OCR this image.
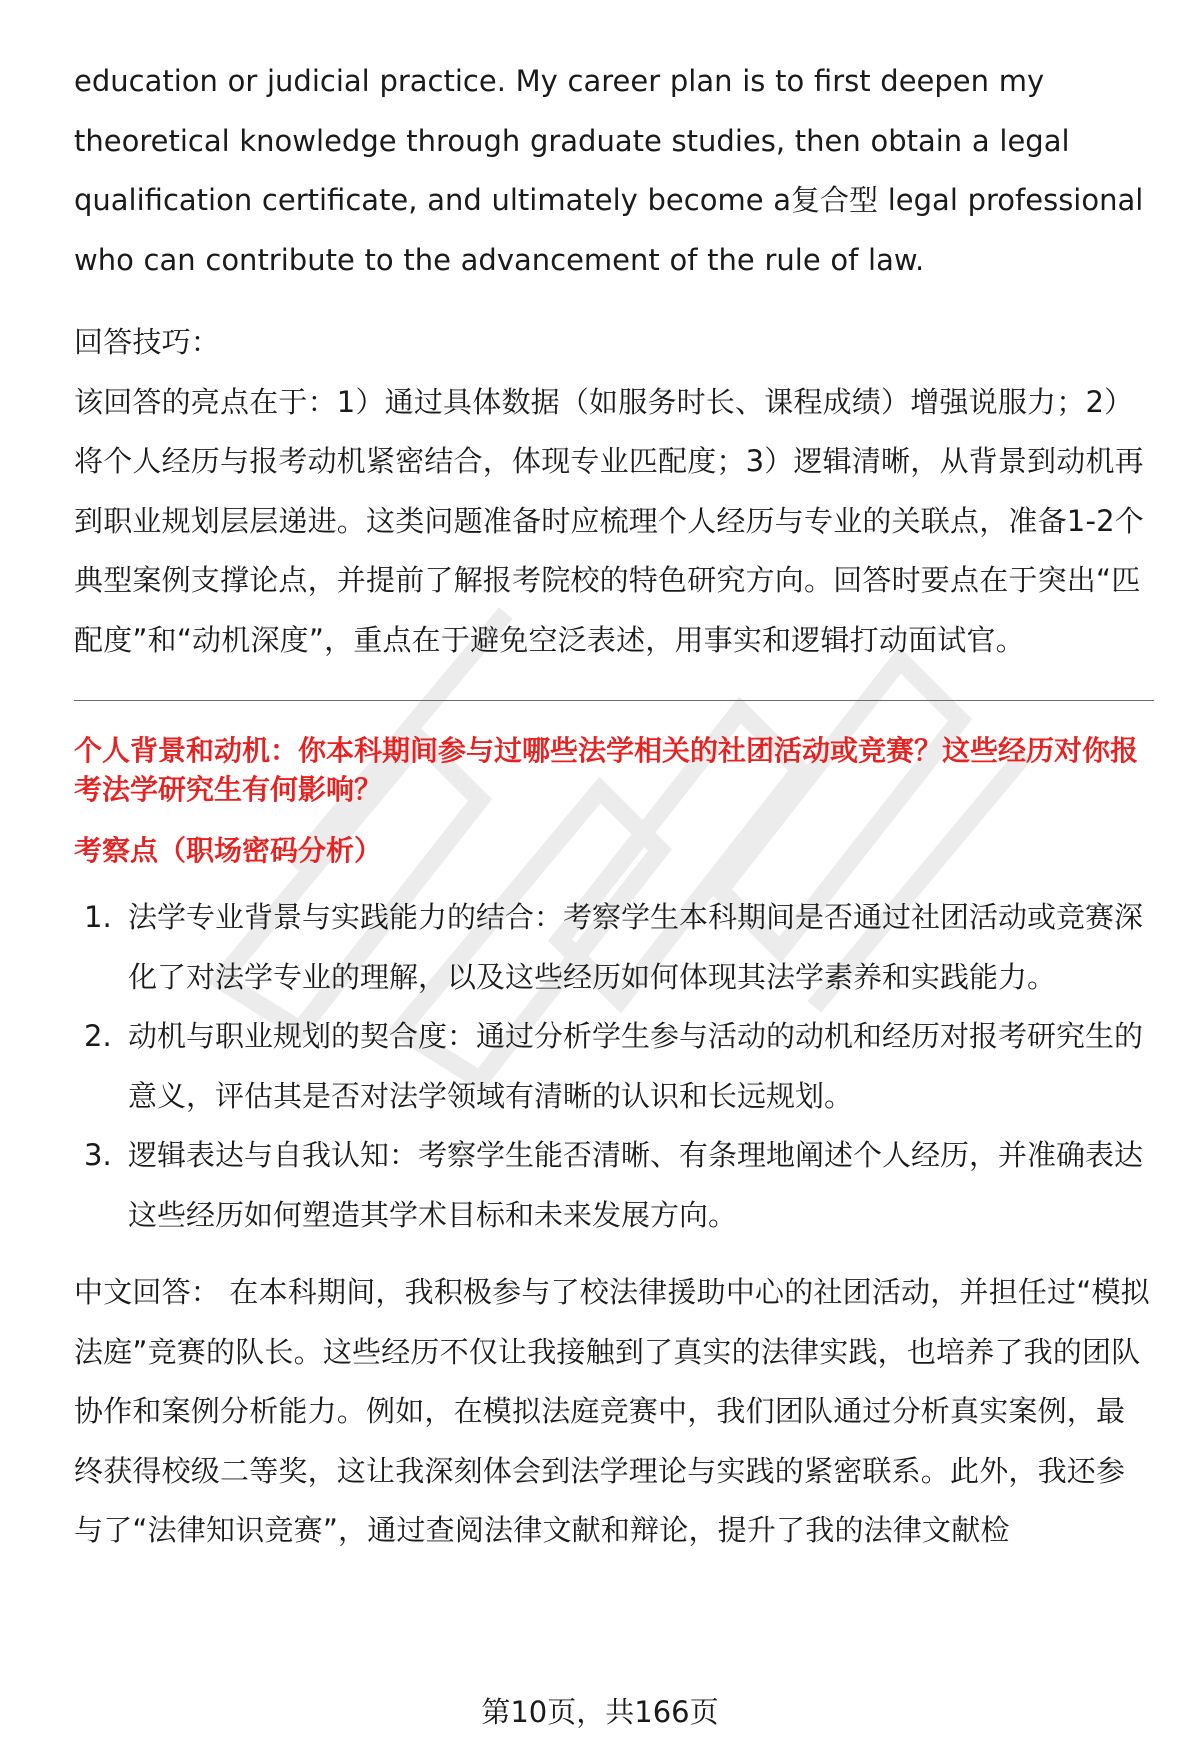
education or judicial practice. My career plan is to first deepen my theoretical knowledge through graduate studies, then obtain a legal qualification certificate, and ultimately become a复合型 legal professional who can contribute to the advancement of the rule of law.

回答技巧：

该回答的亮点在于：1）通过具体数据（如服务时长、课程成绩）增强说服力；2）将个人经历与报考动机紧密结合，体现专业匹配度；3）逻辑清晰，从背景到动机再到职业规划层层递进。这类问题准备时应梳理个人经历与专业的关联点，准备1-2个典型案例支撑论点，并提前了解报考院校的特色研究方向。回答时要点在于突出“匹配度”和“动机深度”，重点在于避免空泛表述，用事实和逻辑打动面试官。

个人背景和动机：你本科期间参与过哪些法学相关的社团活动或竞赛？这些经历对你报考法学研究生有何影响？

考察点（职场密码分析）

1. 法学专业背景与实践能力的结合：考察学生本科期间是否通过社团活动或竞赛深化了对法学专业的理解，以及这些经历如何体现其法学素养和实践能力。
2. 动机与职业规划的契合度：通过分析学生参与活动的动机和经历对报考研究生的意义，评估其是否对法学领域有清晰的认识和长远规划。
3. 逻辑表达与自我认知：考察学生能否清晰、有条理地阐述个人经历，并准确表达这些经历如何塑造其学术目标和未来发展方向。

中文回答： 在本科期间，我积极参与了校法律援助中心的社团活动，并担任过“模拟法庭”竞赛的队长。这些经历不仅让我接触到了真实的法律实践，也培养了我的团队协作和案例分析能力。例如，在模拟法庭竞赛中，我们团队通过分析真实案例，最终获得校级二等奖，这让我深刻体会到法学理论与实践的紧密联系。此外，我还参与了“法律知识竞赛”，通过查阅法律文献和辩论，提升了我的法律文献检

第10页，共166页
